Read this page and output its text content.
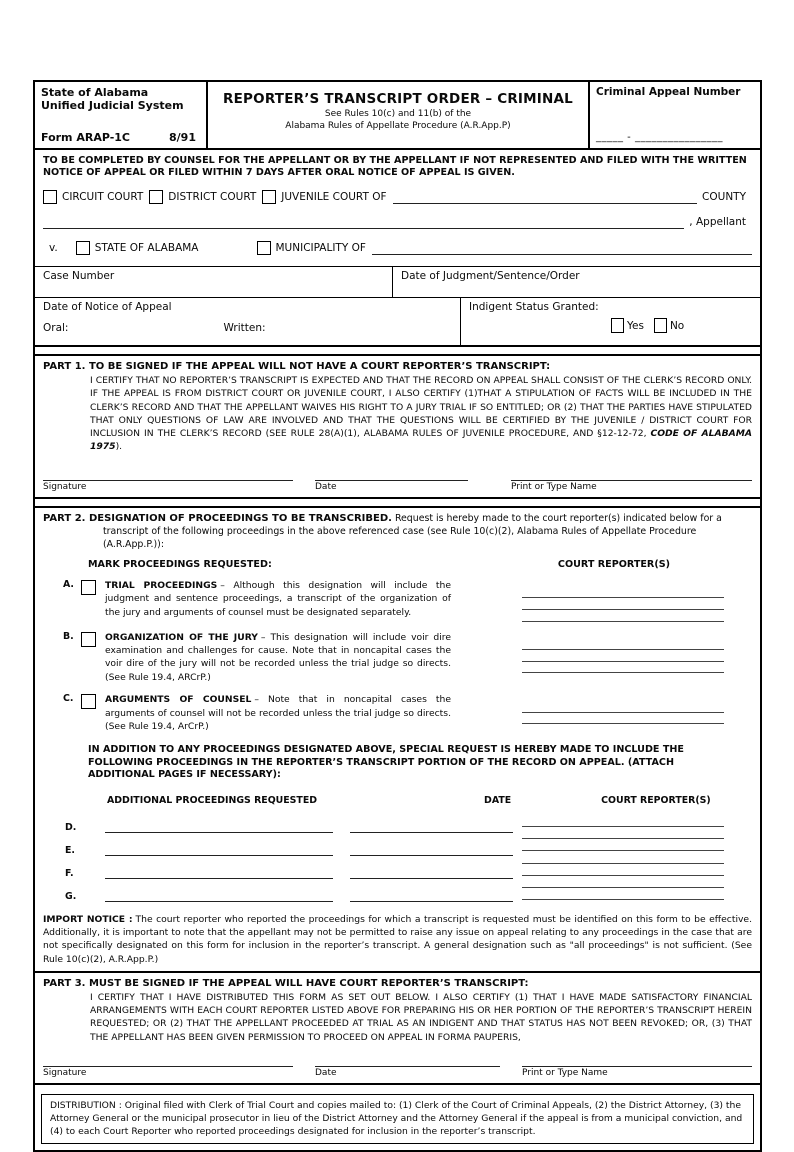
State of Alabama
Unified Judicial System
Form ARAP-1C	8/91
REPORTER’S TRANSCRIPT ORDER – CRIMINAL
See Rules 10(c) and 11(b) of the
Alabama Rules of Appellate Procedure (A.R.App.P)
Criminal Appeal Number
_____ - ________________
TO BE COMPLETED BY COUNSEL FOR THE APPELLANT OR BY THE APPELLANT IF NOT REPRESENTED AND FILED WITH THE WRITTEN NOTICE OF APPEAL OR FILED WITHIN 7 DAYS AFTER ORAL NOTICE OF APPEAL IS GIVEN.
CIRCUIT COURT DISTRICT COURT JUVENILE COURT OF	COUNTY
, Appellant
v.	STATE OF ALABAMA	MUNICIPALITY OF
Case Number	Date of Judgment/Sentence/Order
Date of Notice of Appeal
Oral:	Written:
Indigent Status Granted:
Yes No
PART 1. TO BE SIGNED IF THE APPEAL WILL NOT HAVE A COURT REPORTER’S TRANSCRIPT:
I CERTIFY THAT NO REPORTER’S TRANSCRIPT IS EXPECTED AND THAT THE RECORD ON APPEAL SHALL CONSIST OF THE CLERK’S RECORD ONLY. IF THE APPEAL IS FROM DISTRICT COURT OR JUVENILE COURT, I ALSO CERTIFY (1)THAT A STIPULATION OF FACTS WILL BE INCLUDED IN THE CLERK’S RECORD AND THAT THE APPELLANT WAIVES HIS RIGHT TO A JURY TRIAL IF SO ENTITLED; OR (2) THAT THE PARTIES HAVE STIPULATED THAT ONLY QUESTIONS OF LAW ARE INVOLVED AND THAT THE QUESTIONS WILL BE CERTIFIED BY THE JUVENILE / DISTRICT COURT FOR INCLUSION IN THE CLERK’S RECORD (SEE RULE 28(A)(1), ALABAMA RULES OF JUVENILE PROCEDURE, AND §12-12-72, CODE OF ALABAMA 1975).
Signature	Date	Print or Type Name
PART 2. DESIGNATION OF PROCEEDINGS TO BE TRANSCRIBED. Request is hereby made to the court reporter(s) indicated below for a transcript of the following proceedings in the above referenced case (see Rule 10(c)(2), Alabama Rules of Appellate Procedure (A.R.App.P.)):
MARK PROCEEDINGS REQUESTED:	COURT REPORTER(S)
A.	TRIAL PROCEEDINGS – Although this designation will include the judgment and sentence proceedings, a transcript of the organization of the jury and arguments of counsel must be designated separately.
B.	ORGANIZATION OF THE JURY – This designation will include voir dire examination and challenges for cause. Note that in noncapital cases the voir dire of the jury will not be recorded unless the trial judge so directs. (See Rule 19.4, ARCrP.)
C.	ARGUMENTS OF COUNSEL – Note that in noncapital cases the arguments of counsel will not be recorded unless the trial judge so directs. (See Rule 19.4, ArCrP.)
IN ADDITION TO ANY PROCEEDINGS DESIGNATED ABOVE, SPECIAL REQUEST IS HEREBY MADE TO INCLUDE THE FOLLOWING PROCEEDINGS IN THE REPORTER’S TRANSCRIPT PORTION OF THE RECORD ON APPEAL. (ATTACH ADDITIONAL PAGES IF NECESSARY):
ADDITIONAL PROCEEDINGS REQUESTED	DATE	COURT REPORTER(S)
D.
E.
F.
G.
IMPORT NOTICE : The court reporter who reported the proceedings for which a transcript is requested must be identified on this form to be effective. Additionally, it is important to note that the appellant may not be permitted to raise any issue on appeal relating to any proceedings in the case that are not specifically designated on this form for inclusion in the reporter’s transcript. A general designation such as "all proceedings" is not sufficient. (See Rule 10(c)(2), A.R.App.P.)
PART 3. MUST BE SIGNED IF THE APPEAL WILL HAVE COURT REPORTER’S TRANSCRIPT:
I CERTIFY THAT I HAVE DISTRIBUTED THIS FORM AS SET OUT BELOW. I ALSO CERTIFY (1) THAT I HAVE MADE SATISFACTORY FINANCIAL ARRANGEMENTS WITH EACH COURT REPORTER LISTED ABOVE FOR PREPARING HIS OR HER PORTION OF THE REPORTER’S TRANSCRIPT HEREIN REQUESTED; OR (2) THAT THE APPELLANT PROCEEDED AT TRIAL AS AN INDIGENT AND THAT STATUS HAS NOT BEEN REVOKED; OR, (3) THAT THE APPELLANT HAS BEEN GIVEN PERMISSION TO PROCEED ON APPEAL IN FORMA PAUPERIS,
Signature	Date	Print or Type Name
DISTRIBUTION : Original filed with Clerk of Trial Court and copies mailed to: (1) Clerk of the Court of Criminal Appeals, (2) the District Attorney, (3) the Attorney General or the municipal prosecutor in lieu of the District Attorney and the Attorney General if the appeal is from a municipal conviction, and (4) to each Court Reporter who reported proceedings designated for inclusion in the reporter’s transcript.
